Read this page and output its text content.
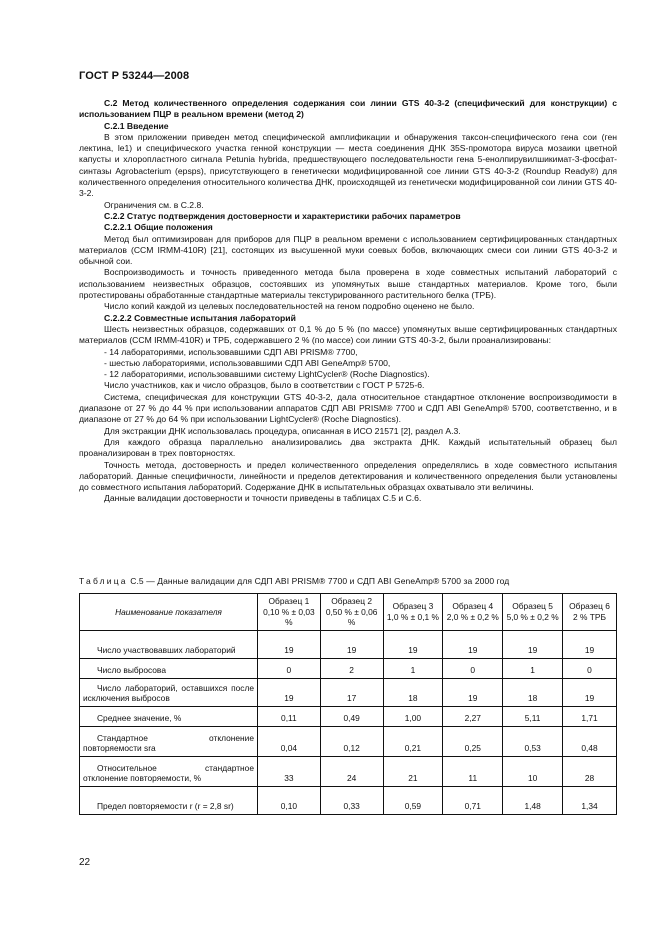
ГОСТ Р 53244—2008

С.2 Метод количественного определения содержания сои линии GTS 40-3-2 (специфический для конструкции) с использованием ПЦР в реальном времени (метод 2)

С.2.1 Введение

В этом приложении приведен метод специфической амплификации и обнаружения таксон-специфического гена сои (ген лектина, le1) и специфического участка генной конструкции — места соединения ДНК 35S-промотора вируса мозаики цветной капусты и хлоропластного сигнала Petunia hybrida, предшествующего последовательности гена 5-енолпирувилшикимат-3-фосфат-синтазы Agrobacterium (epsps), присутствующего в генетически модифицированной сое линии GTS 40-3-2 (Roundup Ready®) для количественного определения относительного количества ДНК, происходящей из генетически модифицированной сои линии GTS 40-3-2.

Ограничения см. в С.2.8.

С.2.2 Статус подтверждения достоверности и характеристики рабочих параметров

С.2.2.1 Общие положения

Метод был оптимизирован для приборов для ПЦР в реальном времени с использованием сертифицированных стандартных материалов (CCM IRMM-410R) [21], состоящих из высушенной муки соевых бобов, включающих смеси сои линии GTS 40-3-2 и обычной сои.

Воспроизводимость и точность приведенного метода была проверена в ходе совместных испытаний лабораторий с использованием неизвестных образцов, состоявших из упомянутых выше стандартных материалов. Кроме того, были протестированы обработанные стандартные материалы текстурированного растительного белка (ТРБ).

Число копий каждой из целевых последовательностей на геном подробно оценено не было.

С.2.2.2 Совместные испытания лабораторий

Шесть неизвестных образцов, содержавших от 0,1 % до 5 % (по массе) упомянутых выше сертифицированных стандартных материалов (CCM IRMM-410R) и ТРБ, содержавшего 2 % (по массе) сои линии GTS 40-3-2, были проанализированы:

- 14 лабораториями, использовавшими СДП ABI PRISM® 7700,

- шестью лабораториями, использовавшими СДП ABI GeneAmp® 5700,

- 12 лабораториями, использовавшими систему LightCycler® (Roche Diagnostics).

Число участников, как и число образцов, было в соответствии с ГОСТ Р 5725-6.

Система, специфическая для конструкции GTS 40-3-2, дала относительное стандартное отклонение воспроизводимости в диапазоне от 27 % до 44 % при использовании аппаратов СДП ABI PRISM® 7700 и СДП ABI GeneAmp® 5700, соответственно, и в диапазоне от 27 % до 64 % при использовании LightCycler® (Roche Diagnostics).

Для экстракции ДНК использовалась процедура, описанная в ИСО 21571 [2], раздел А.3.

Для каждого образца параллельно анализировались два экстракта ДНК. Каждый испытательный образец был проанализирован в трех повторностях.

Точность метода, достоверность и предел количественного определения определялись в ходе совместного испытания лабораторий. Данные специфичности, линейности и пределов детектирования и количественного определения были установлены до совместного испытания лабораторий. Содержание ДНК в испытательных образцах охватывало эти величины.

Данные валидации достоверности и точности приведены в таблицах С.5 и С.6.

Таблица С.5 — Данные валидации для СДП ABI PRISM® 7700 и СДП ABI GeneAmp® 5700 за 2000 год
Наименование показателя	Образец 1 0,10 % ± 0,03 %	Образец 2 0,50 % ± 0,06 %	Образец 3 1,0 % ± 0,1 %	Образец 4 2,0 % ± 0,2 %	Образец 5 5,0 % ± 0,2 %	Образец 6 2 % ТРБ
Число участвовавших лабораторий	19	19	19	19	19	19
Число выбросовa	0	2	1	0	1	0
Число лабораторий, оставшихся после исключения выбросов	19	17	18	19	18	19
Среднее значение, %	0,11	0,49	1,00	2,27	5,11	1,71
Стандартное отклонение повторяемости sra	0,04	0,12	0,21	0,25	0,53	0,48
Относительное стандартное отклонение повторяемости, %	33	24	21	11	10	28
Предел повторяемости r (r = 2,8 sr)	0,10	0,33	0,59	0,71	1,48	1,34
22
